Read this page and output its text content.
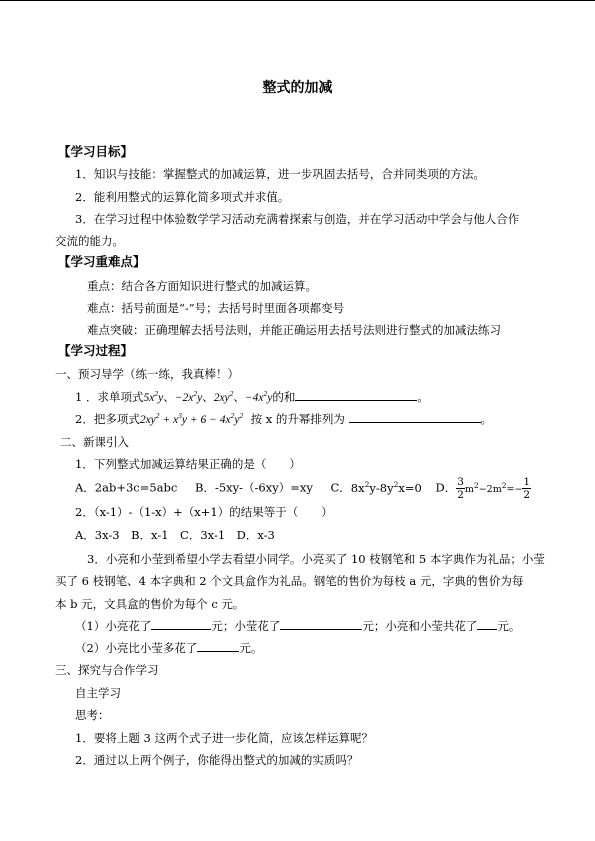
整式的加减
【学习目标】
1．知识与技能：掌握整式的加减运算，进一步巩固去括号，合并同类项的方法。
2．能利用整式的运算化简多项式并求值。
3．在学习过程中体验数学学习活动充满着探索与创造，并在学习活动中学会与他人合作
交流的能力。
【学习重难点】
重点：结合各方面知识进行整式的加减运算。
难点：括号前面是“-”号；去括号时里面各项都变号
难点突破：正确理解去括号法则，并能正确运用去括号法则进行整式的加减法练习
【学习过程】
一、预习导学（练一练，我真棒！）
1 ．求单项式$5x^2y$、$-2x^2y$、$2xy^2$、$-4x^2y$的和	。
2．把多项式$2xy^2 + x^3y + 6 - 4x^2y^2$ 按 x 的升幂排列为	。
二、新课引入
1．下列整式加减运算结果正确的是（　　）
A．2ab+3c=5abc B．-5xy-（-6xy）=xy C．$8x^2y-8y^2x=0$ D． $\frac{3}{2} m^2-2m^2=- \frac{1}{2}$
2．（x-1）-（1-x）+（x+1）的结果等于（　　）
A．3x-3　B．x-1　C．3x-1　D．x-3
3．小亮和小莹到希望小学去看望小同学。小亮买了 10 枝钢笔和 5 本字典作为礼品；小莹
买了 6 枝钢笔、4 本字典和 2 个文具盒作为礼品。钢笔的售价为每枝 a 元，字典的售价为每
本 b 元，文具盒的售价为每个 c 元。
（1）小亮花了	元；小莹花了	元；小亮和小莹共花了 元。
（2）小亮比小莹多花了	元。
三、探究与合作学习
自主学习
思考：
1．要将上题 3 这两个式子进一步化简，应该怎样运算呢？
2．通过以上两个例子，你能得出整式的加减的实质吗？
